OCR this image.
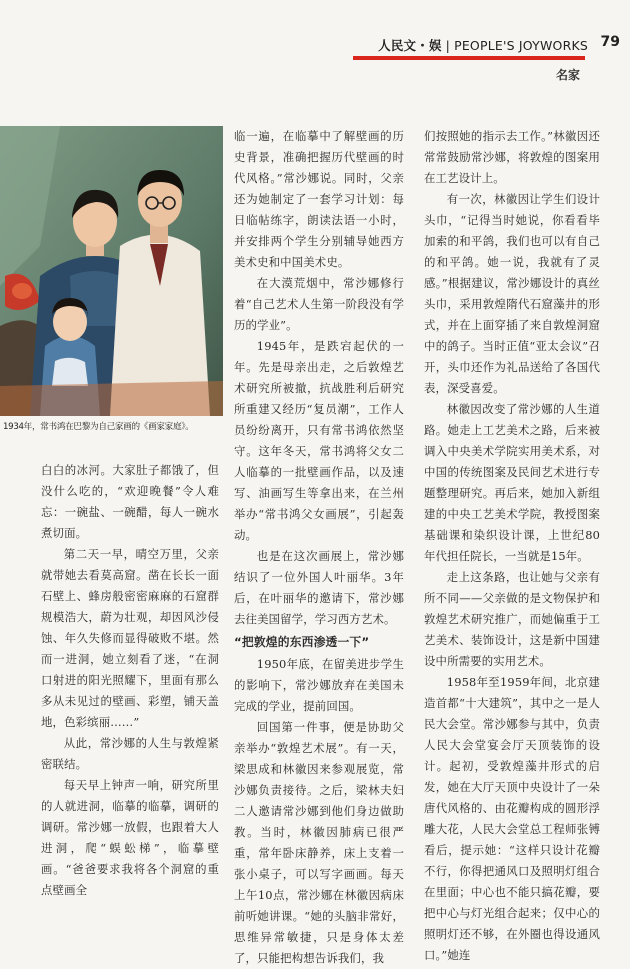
人民文・娱 | PEOPLE'S JOYWORKS 79
名家
1934年，常书鸿在巴黎为自己家画的《画家家庭》。

白白的冰河。大家肚子都饿了，但没什么吃的，“欢迎晚餐”令人难忘：一碗盐、一碗醋，每人一碗水煮切面。

第二天一早，晴空万里，父亲就带她去看莫高窟。凿在长长一面石壁上、蜂房般密密麻麻的石窟群规模浩大，蔚为壮观，却因风沙侵蚀、年久失修而显得破败不堪。然而一进洞，她立刻看了迷，“在洞口射进的阳光照耀下，里面有那么多从未见过的壁画、彩塑，铺天盖地，色彩缤丽……”

从此，常沙娜的人生与敦煌紧密联结。

每天早上钟声一响，研究所里的人就进洞，临摹的临摹，调研的调研。常沙娜一放假，也跟着大人进洞，爬“蜈蚣梯”，临摹壁画。“爸爸要求我将各个洞窟的重点壁画全

临一遍，在临摹中了解壁画的历史背景，准确把握历代壁画的时代风格。”常沙娜说。同时，父亲还为她制定了一套学习计划：每日临帖练字，朗读法语一小时，并安排两个学生分别辅导她西方美术史和中国美术史。

在大漠荒烟中，常沙娜修行着“自己艺术人生第一阶段没有学历的学业”。

1945年，是跌宕起伏的一年。先是母亲出走，之后敦煌艺术研究所被撤，抗战胜利后研究所重建又经历“复员潮”，工作人员纷纷离开，只有常书鸿依然坚守。这年冬天，常书鸿将父女二人临摹的一批壁画作品，以及速写、油画写生等拿出来，在兰州举办“常书鸿父女画展”，引起轰动。

也是在这次画展上，常沙娜结识了一位外国人叶丽华。3年后，在叶丽华的邀请下，常沙娜去往美国留学，学习西方艺术。

“把敦煌的东西渗透一下”

1950年底，在留美进步学生的影响下，常沙娜放弃在美国未完成的学业，提前回国。

回国第一件事，便是协助父亲举办“敦煌艺术展”。有一天，梁思成和林徽因来参观展览，常沙娜负责接待。之后，梁林夫妇二人邀请常沙娜到他们身边做助教。当时，林徽因肺病已很严重，常年卧床静养，床上支着一张小桌子，可以写字画画。每天上午10点，常沙娜在林徽因病床前听她讲课。“她的头脑非常好，思维异常敏捷，只是身体太差了，只能把构想告诉我们，我

们按照她的指示去工作。”林徽因还常常鼓励常沙娜，将敦煌的图案用在工艺设计上。

有一次，林徽因让学生们设计头巾，“记得当时她说，你看看毕加索的和平鸽，我们也可以有自己的和平鸽。她一说，我就有了灵感。”根据建议，常沙娜设计的真丝头巾，采用敦煌隋代石窟藻井的形式，并在上面穿插了来自敦煌洞窟中的鸽子。当时正值“亚太会议”召开，头巾还作为礼品送给了各国代表，深受喜爱。

林徽因改变了常沙娜的人生道路。她走上工艺美术之路，后来被调入中央美术学院实用美术系，对中国的传统图案及民间艺术进行专题整理研究。再后来，她加入新组建的中央工艺美术学院，教授图案基础课和染织设计课，上世纪80年代担任院长，一当就是15年。

走上这条路，也让她与父亲有所不同——父亲做的是文物保护和敦煌艺术研究推广，而她偏重于工艺美术、装饰设计，这是新中国建设中所需要的实用艺术。

1958年至1959年间，北京建造首都“十大建筑”，其中之一是人民大会堂。常沙娜参与其中，负责人民大会堂宴会厅天顶装饰的设计。起初，受敦煌藻井形式的启发，她在大厅天顶中央设计了一朵唐代风格的、由花瓣构成的圆形浮雕大花，人民大会堂总工程师张镈看后，提示她：“这样只设计花瓣不行，你得把通风口及照明灯组合在里面；中心也不能只搞花瓣，要把中心与灯光组合起来；仅中心的照明灯还不够，在外圈也得设通风口。”她连
